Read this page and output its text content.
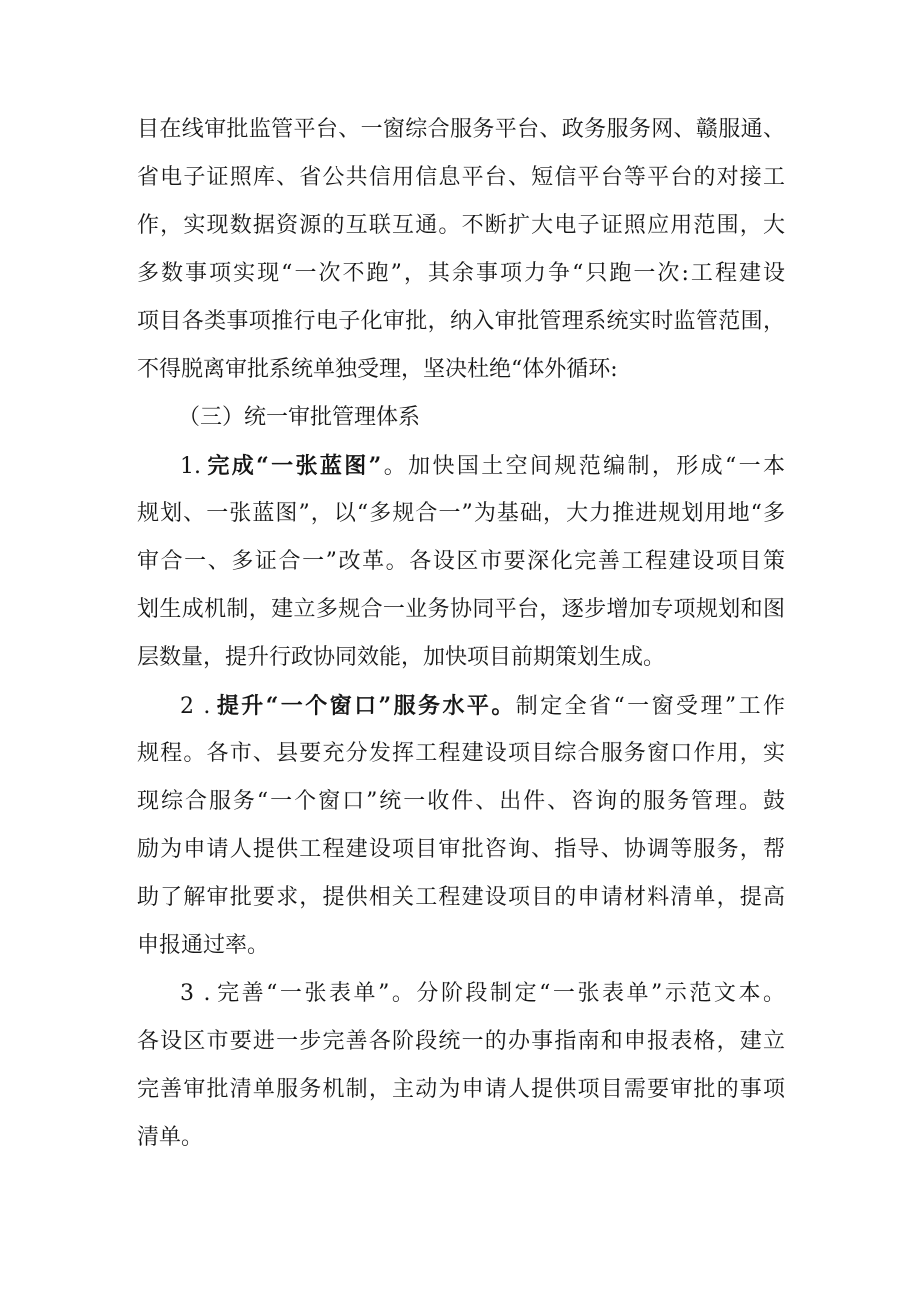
目在线审批监管平台、一窗综合服务平台、政务服务网、赣服通、
省电子证照库、省公共信用信息平台、短信平台等平台的对接工
作，实现数据资源的互联互通。不断扩大电子证照应用范围，大
多数事项实现“一次不跑”，其余事项力争“只跑一次:工程建设
项目各类事项推行电子化审批，纳入审批管理系统实时监管范围，
不得脱离审批系统单独受理，坚决杜绝“体外循环:
（三）统一审批管理体系
1. 完成“一张蓝图”。加快国土空间规范编制，形成“一本
规划、一张蓝图”，以“多规合一”为基础，大力推进规划用地“多
审合一、多证合一”改革。各设区市要深化完善工程建设项目策
划生成机制，建立多规合一业务协同平台，逐步增加专项规划和图
层数量，提升行政协同效能，加快项目前期策划生成。
2 . 提升“一个窗口”服务水平。制定全省“一窗受理”工作
规程。各市、县要充分发挥工程建设项目综合服务窗口作用，实
现综合服务“一个窗口”统一收件、出件、咨询的服务管理。鼓
励为申请人提供工程建设项目审批咨询、指导、协调等服务，帮
助了解审批要求，提供相关工程建设项目的申请材料清单，提高
申报通过率。
3 . 完善“一张表单”。分阶段制定“一张表单”示范文本。
各设区市要进一步完善各阶段统一的办事指南和申报表格，建立
完善审批清单服务机制，主动为申请人提供项目需要审批的事项
清单。
